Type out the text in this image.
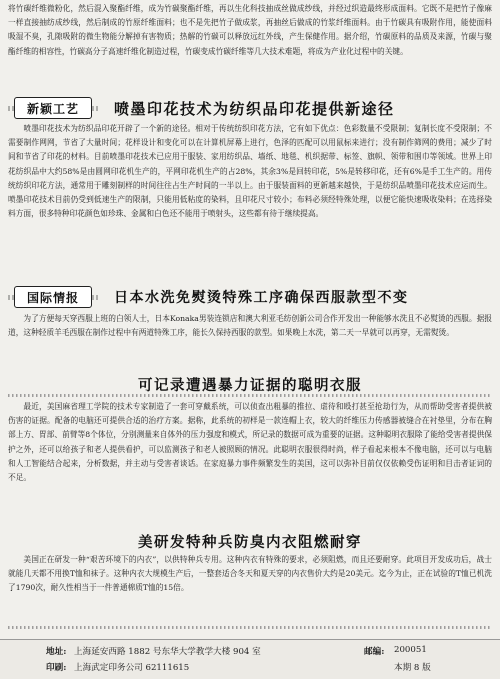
将竹碳纤维微粉化，然后混入聚酯纤维，成为竹碳聚酯纤维，再以生化科技抽成丝做成纱线，并经过织造最终形成面料。它既不是把竹子像麻一样直接抽纺成纱线，然后制成的竹原纤维面料；也不是先把竹子做成浆，再抽丝后做成的竹浆纤维面料。由于竹碳具有吸附作用，能使面料吸湿不臭，孔隙吸附的微生物能分解掉有害物质；热解的竹碳可以释放远红外线，产生保健作用。据介绍，竹碳原料的品质及来源，竹碳与聚酯纤维的相容性，竹碳高分子高速纤维化制造过程，竹碳变成竹碳纤维等几大技术难题，将成为产业化过程中的关键。

新颖工艺	喷墨印花技术为纺织品印花提供新途径

喷墨印花技术为纺织品印花开辟了一个新的途径。相对于传统纺织印花方法，它有如下优点：色彩数量不受限制；复制长度不受限制；不需要制作网网，节省了大量时间；花样设计和变化可以在计算机屏幕上进行，色泽的匹配可以用鼠标来进行；没有制作筛网的费用；减少了时间和节省了印花的材料。目前喷墨印花技术已应用于服装、家用纺织品、墙纸、地毯、机织据带、标签、旗帜、领带和围巾等领域。世界上印花纺织品中大约58%是由圆网印花机生产的，平网印花机生产的占28%，其余3%是回转印花，5%是转移印花，还有6%是手工生产的。用传统纺织印花方法，通常用于雕刻制样的时间往往占生产时间的一半以上。由于服装面料的更新越来越快，于是纺织品喷墨印花技术应运而生。喷墨印花技术目前仍受到低速生产的限制，只能用低粘度的染料，且印花尺寸较小；布料必须经特殊处理，以便它能快速吸收染料；在选择染料方面，很多特种印花颜色如珍珠、金属和白色还不能用于喷射头，这些都有待于继续提高。

国际情报	日本水洗免熨烫特殊工序确保西服款型不变

为了方便每天穿西服上班的白领人士，日本Konaka男装连锁店和澳大利亚毛纺创新公司合作开发出一种能够水洗且不必熨烫的西服。据报道，这种轻质羊毛西服在制作过程中有两道特殊工序，能长久保持西服的款型。如果晚上水洗，第二天一早就可以再穿，无需熨烫。

可记录遭遇暴力证据的聪明衣服

最近，美国麻省理工学院的技术专家制造了一套可穿戴系统，可以侦查出粗暴的推拉、虐待和殴打甚至抢劫行为，从而帮助受害者提供被伤害的证据。配备的电脑还可提供合适的治疗方案。据称，此系统的初样是一款连帽上衣，较大的纤维压力传感器被缝合在衬垫里，分布在胸部上方、胃部、前臂等8个体位，分别测量来自体外的压力强度和模式，所记录的数据可成为重要的证据。这种聪明衣服除了能给受害者提供保护之外，还可以给孩子和老人提供看护，可以监测孩子和老人被照顾的情况。此聪明衣服很得时尚，样子看起来根本不像电脑，还可以与电脑和人工智能结合起来，分析数据，并主动与受害者谈话。在家庭暴力事件频繁发生的美国，这可以弥补目前仅仅依赖受伤证明和目击者证词的不足。

美研发特种兵防臭内衣阻燃耐穿

美国正在研发一种“艰苦环境下的内衣”，以供特种兵专用。这种内衣有特殊的要求，必须阻燃，而且还要耐穿。此项目开发成功后，战士就能几天都不用换T恤和袜子。这种内衣大规模生产后，一整套适合冬天和夏天穿的内衣售价大约是20美元。迄今为止，正在试验的T恤已机洗了1790次，耐久性相当于一件普通棉质T恤的15倍。

地址: 上海延安西路 1882 号东华大学教学大楼 904 室	邮编:	200051
印刷: 上海武定印务公司 62111615	本期 8 版
